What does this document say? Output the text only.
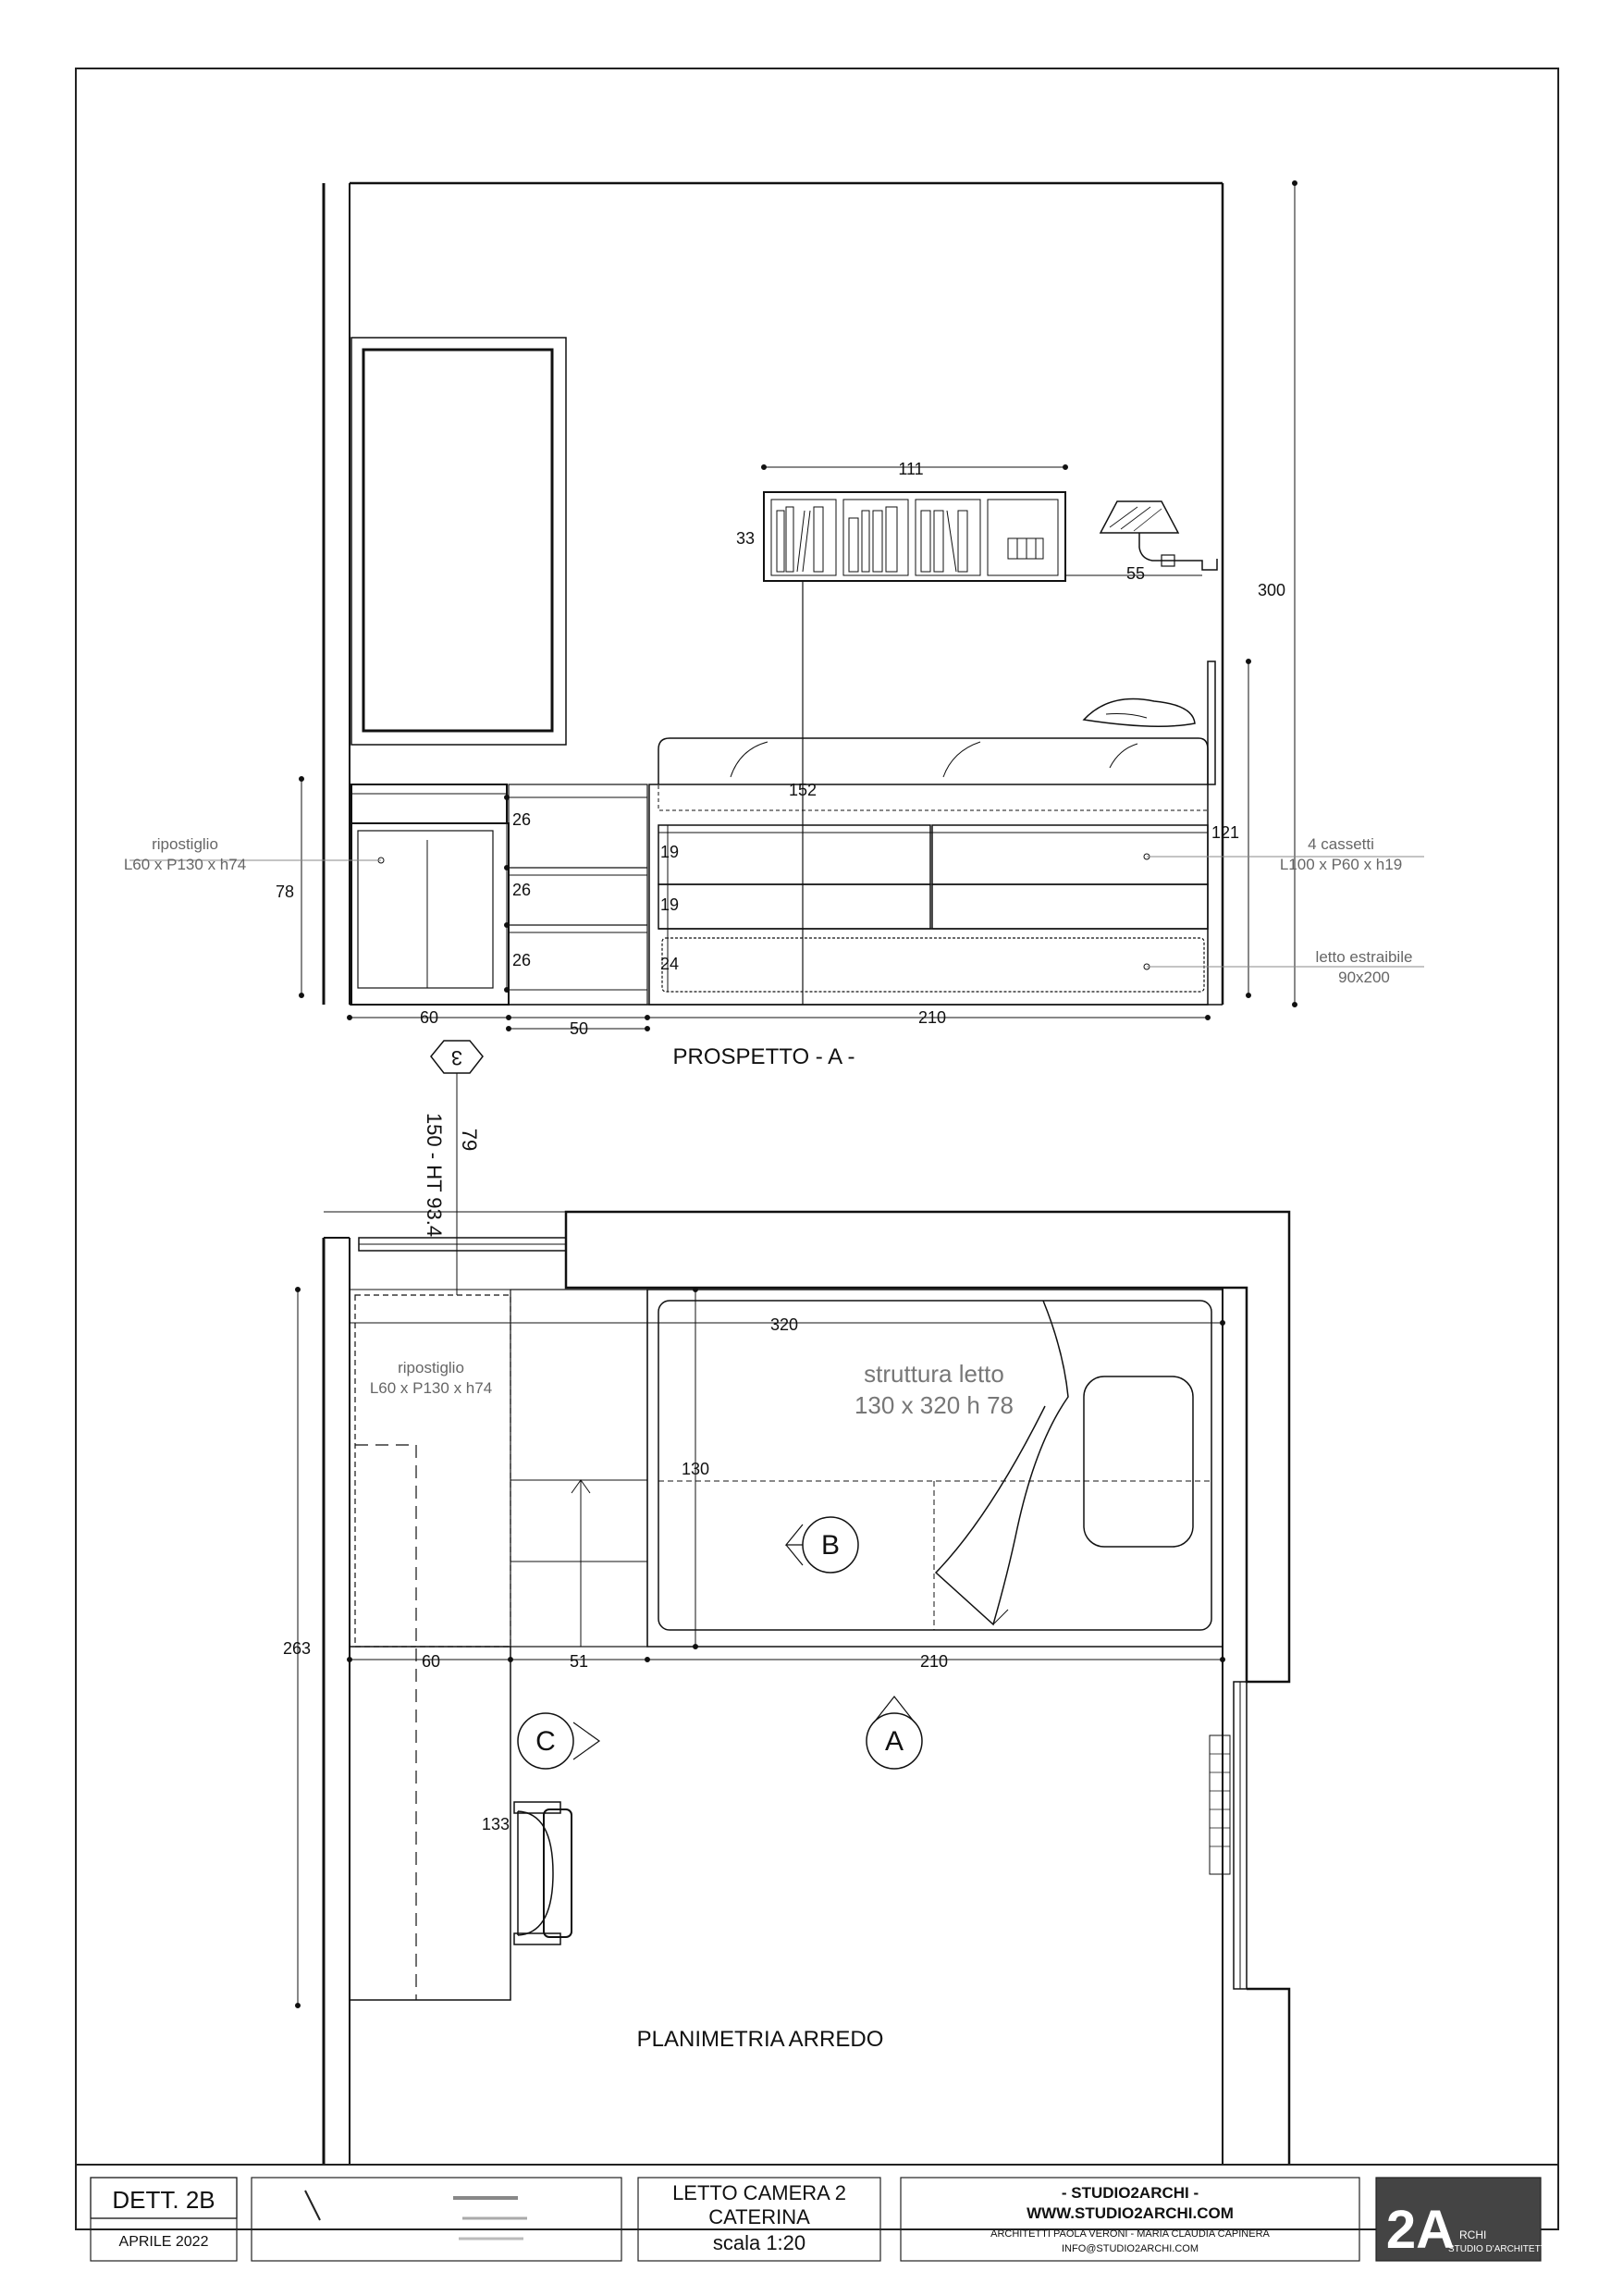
111
33
55
300
121
152
78
26
26
26
19
19
24
60
50
210
ripostiglio
L60 x P130 x h74
4 cassetti
L100 x P60 x h19
letto estraibile
90x200
PROSPETTO - A -
3
79
150 - HT 93.4
320
130
263
60	51	210
133
ripostiglio
L60 x P130 x h74
struttura letto
130 x 320 h 78
B
A
C
PLANIMETRIA ARREDO
DETT. 2B
APRILE 2022
LETTO CAMERA 2
CATERINA
scala 1:20
- STUDIO2ARCHI -
WWW.STUDIO2ARCHI.COM
ARCHITETTI PAOLA VERONI - MARIA CLAUDIA CAPINERA
INFO@STUDIO2ARCHI.COM	2A RCHI
STUDIO D'ARCHITETTURA
